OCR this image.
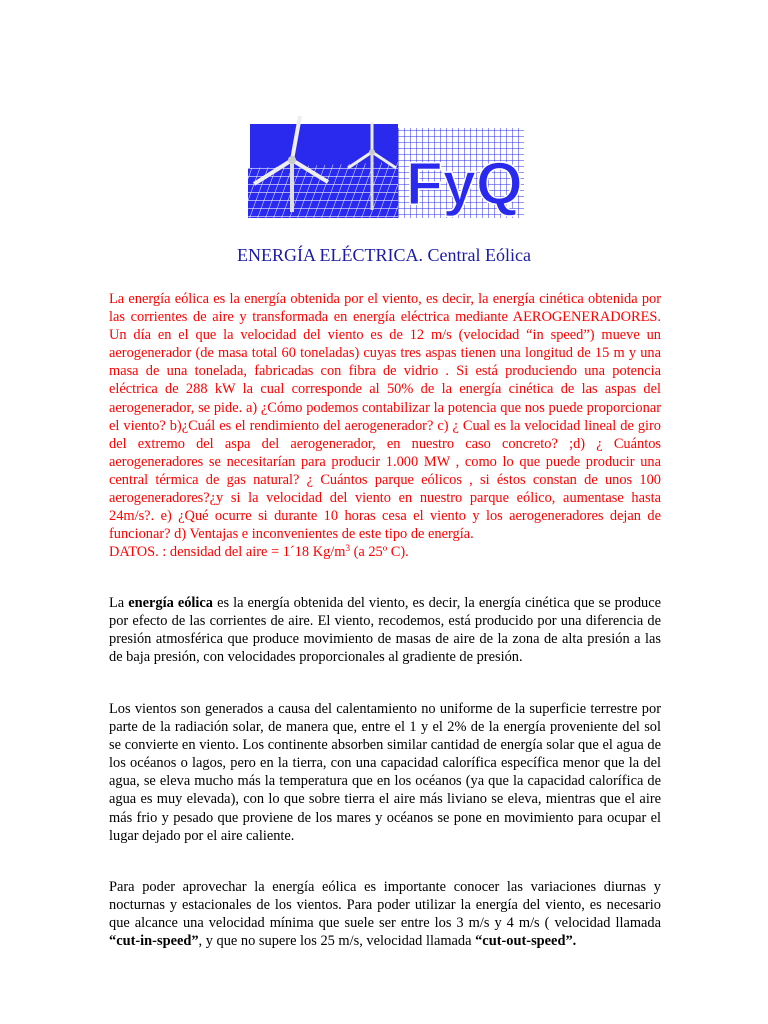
FyQ
ENERGÍA ELÉCTRICA. Central Eólica
La energía eólica es la energía obtenida por el viento, es decir, la energía cinética obtenida por las corrientes de aire y transformada en energía eléctrica mediante AEROGENERADORES. Un día en el que la velocidad del viento es de 12 m/s (velocidad “in speed”) mueve un aerogenerador (de masa total 60 toneladas) cuyas tres aspas tienen una longitud de 15 m y una masa de una tonelada, fabricadas con fibra de vidrio . Si está produciendo una potencia eléctrica de 288 kW la cual corresponde al 50% de la energía cinética de las aspas del aerogenerador, se pide. a) ¿Cómo podemos contabilizar la potencia que nos puede proporcionar el viento? b)¿Cuál es el rendimiento del aerogenerador? c) ¿ Cual es la velocidad lineal de giro del extremo del aspa del aerogenerador, en nuestro caso concreto? ;d) ¿ Cuántos aerogeneradores se necesitarían para producir 1.000 MW , como lo que puede producir una central térmica de gas natural? ¿ Cuántos parque eólicos , si éstos constan de unos 100 aerogeneradores?¿y si la velocidad del viento en nuestro parque eólico, aumentase hasta 24m/s?. e) ¿Qué ocurre si durante 10 horas cesa el viento y los aerogeneradores dejan de funcionar? d) Ventajas e inconvenientes de este tipo de energía.
DATOS. : densidad del aire = 1´18 $Kg/m^3$ (a 25º C).

La energía eólica es la energía obtenida del viento, es decir, la energía cinética que se produce por efecto de las corrientes de aire. El viento, recodemos, está producido por una diferencia de presión atmosférica que produce movimiento de masas de aire de la zona de alta presión a las de baja presión, con velocidades proporcionales al gradiente de presión.

Los vientos son generados a causa del calentamiento no uniforme de la superficie terrestre por parte de la radiación solar, de manera que, entre el 1 y el 2% de la energía proveniente del sol se convierte en viento. Los continente absorben similar cantidad de energía solar que el agua de los océanos o lagos, pero en la tierra, con una capacidad calorífica específica menor que la del agua, se eleva mucho más la temperatura que en los océanos (ya que la capacidad calorífica de agua es muy elevada), con lo que sobre tierra el aire más liviano se eleva, mientras que el aire más frio y pesado que proviene de los mares y océanos se pone en movimiento para ocupar el lugar dejado por el aire caliente.

Para poder aprovechar la energía eólica es importante conocer las variaciones diurnas y nocturnas y estacionales de los vientos. Para poder utilizar la energía del viento, es necesario que alcance una velocidad mínima que suele ser entre los 3 m/s y 4 m/s ( velocidad llamada “cut-in-speed”, y que no supere los 25 m/s, velocidad llamada “cut-out-speed”.
